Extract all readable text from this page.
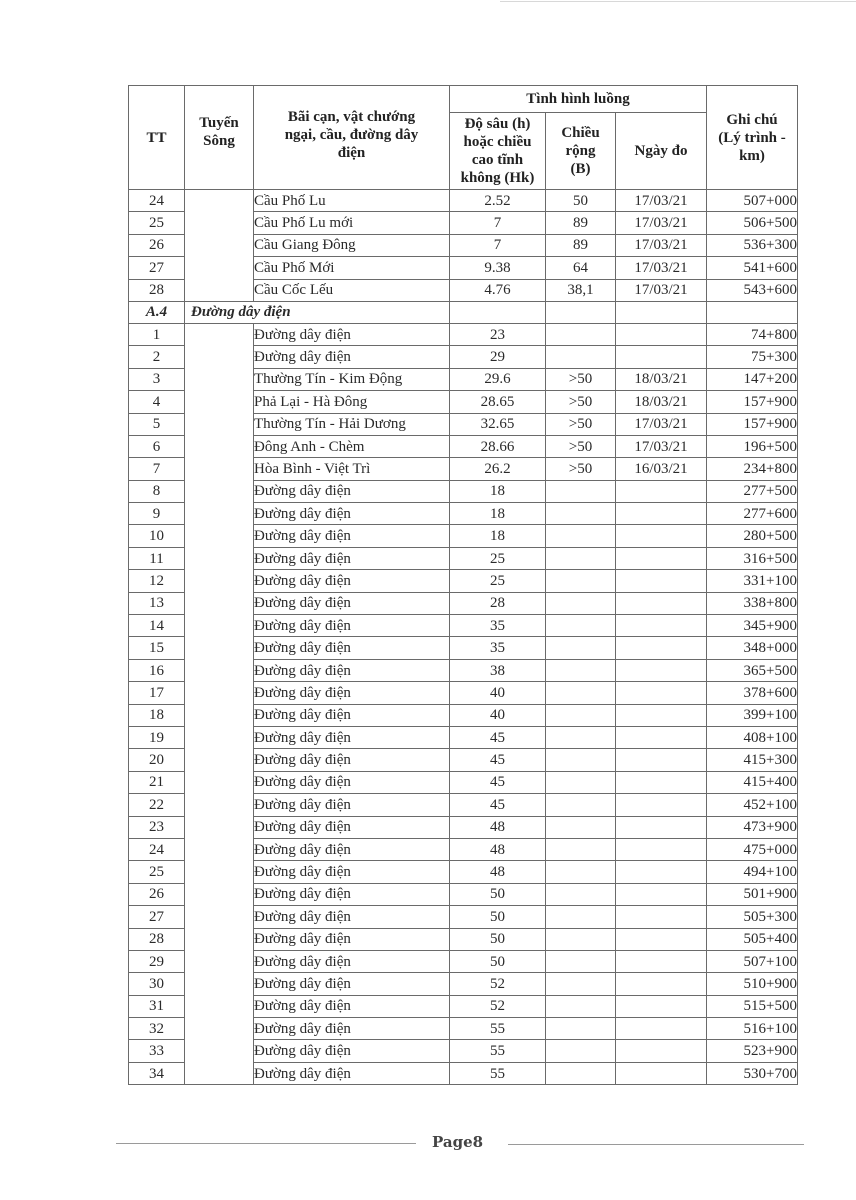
TT	Tuyến Sông	Bãi cạn, vật chướng ngại, cầu, đường dây điện	Tình hình luồng			Ghi chú (Lý trình - km)
			Độ sâu (h) hoặc chiều cao tĩnh không (Hk)	Chiều rộng (B)	Ngày đo	
24		Cầu Phố Lu	2.52	50	17/03/21	507+000
25		Cầu Phố Lu mới	7	89	17/03/21	506+500
26		Cầu Giang Đông	7	89	17/03/21	536+300
27		Cầu Phố Mới	9.38	64	17/03/21	541+600
28		Cầu Cốc Lếu	4.76	38,1	17/03/21	543+600
A.4	Đường dây điện					
1		Đường dây điện	23			74+800
2		Đường dây điện	29			75+300
3		Thường Tín - Kim Động	29.6	>50	18/03/21	147+200
4		Phả Lại - Hà Đông	28.65	>50	18/03/21	157+900
5		Thường Tín - Hải Dương	32.65	>50	17/03/21	157+900
6		Đông Anh - Chèm	28.66	>50	17/03/21	196+500
7		Hòa Bình - Việt Trì	26.2	>50	16/03/21	234+800
8		Đường dây điện	18			277+500
9		Đường dây điện	18			277+600
10		Đường dây điện	18			280+500
11		Đường dây điện	25			316+500
12		Đường dây điện	25			331+100
13		Đường dây điện	28			338+800
14		Đường dây điện	35			345+900
15		Đường dây điện	35			348+000
16		Đường dây điện	38			365+500
17		Đường dây điện	40			378+600
18		Đường dây điện	40			399+100
19		Đường dây điện	45			408+100
20		Đường dây điện	45			415+300
21		Đường dây điện	45			415+400
22		Đường dây điện	45			452+100
23		Đường dây điện	48			473+900
24		Đường dây điện	48			475+000
25		Đường dây điện	48			494+100
26		Đường dây điện	50			501+900
27		Đường dây điện	50			505+300
28		Đường dây điện	50			505+400
29		Đường dây điện	50			507+100
30		Đường dây điện	52			510+900
31		Đường dây điện	52			515+500
32		Đường dây điện	55			516+100
33		Đường dây điện	55			523+900
34		Đường dây điện	55			530+700
Page8
